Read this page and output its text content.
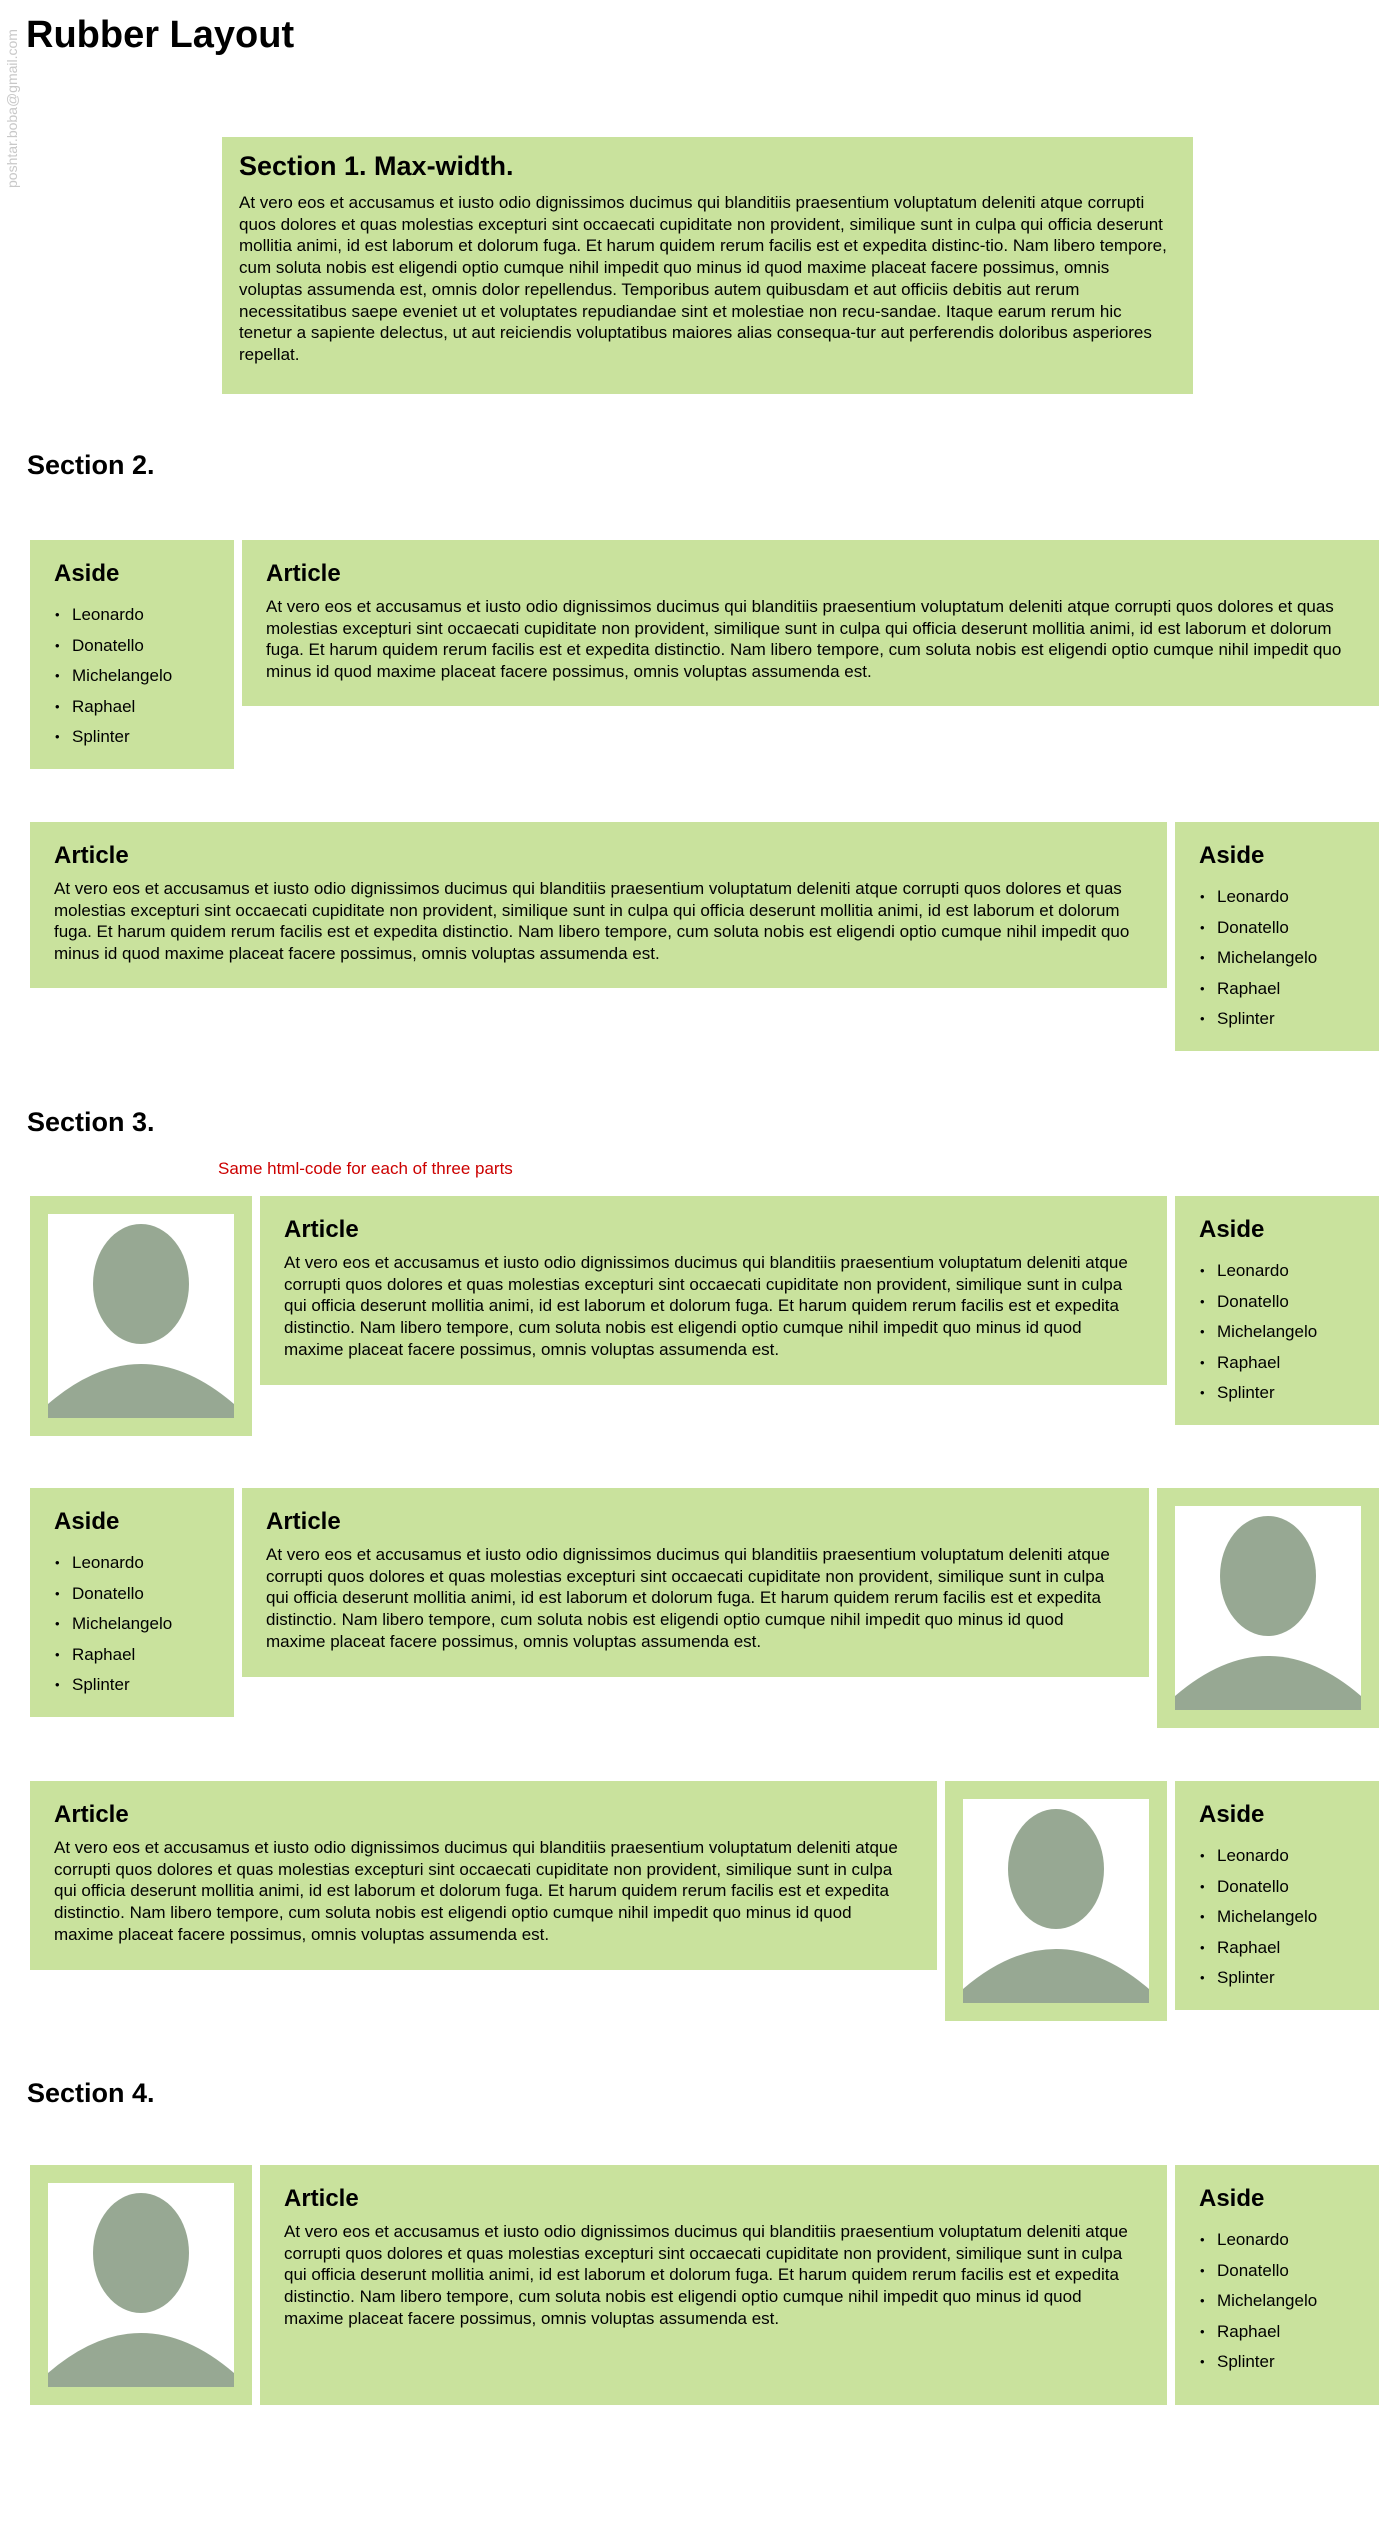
poshtar.boba@gmail.com Rubber Layout
Section 1. Max-width.

At vero eos et accusamus et iusto odio dignissimos ducimus qui blanditiis praesentium voluptatum deleniti atque corrupti quos dolores et quas molestias excepturi sint occaecati cupiditate non provident, similique sunt in culpa qui officia deserunt mollitia animi, id est laborum et dolorum fuga. Et harum quidem rerum facilis est et expedita distinc-tio. Nam libero tempore, cum soluta nobis est eligendi optio cumque nihil impedit quo minus id quod maxime placeat facere possimus, omnis voluptas assumenda est, omnis dolor repellendus. Temporibus autem quibusdam et aut officiis debitis aut rerum necessitatibus saepe eveniet ut et voluptates repudiandae sint et molestiae non recu-sandae. Itaque earum rerum hic tenetur a sapiente delectus, ut aut reiciendis voluptatibus maiores alias consequa-tur aut perferendis doloribus asperiores repellat.

Section 2.
Aside
• Leonardo
• Donatello
• Michelangelo
• Raphael
• Splinter
Article

At vero eos et accusamus et iusto odio dignissimos ducimus qui blanditiis praesentium voluptatum deleniti atque corrupti quos dolores et quas molestias excepturi sint occaecati cupiditate non provident, similique sunt in culpa qui officia deserunt mollitia animi, id est laborum et dolorum fuga. Et harum quidem rerum facilis est et expedita distinctio. Nam libero tempore, cum soluta nobis est eligendi optio cumque nihil impedit quo minus id quod maxime placeat facere possimus, omnis voluptas assumenda est.

Article

At vero eos et accusamus et iusto odio dignissimos ducimus qui blanditiis praesentium voluptatum deleniti atque corrupti quos dolores et quas molestias excepturi sint occaecati cupiditate non provident, similique sunt in culpa qui officia deserunt mollitia animi, id est laborum et dolorum fuga. Et harum quidem rerum facilis est et expedita distinctio. Nam libero tempore, cum soluta nobis est eligendi optio cumque nihil impedit quo minus id quod maxime placeat facere possimus, omnis voluptas assumenda est.

Aside
• Leonardo
• Donatello
• Michelangelo
• Raphael
• Splinter
Section 3.
Same html-code for each of three parts
Article

At vero eos et accusamus et iusto odio dignissimos ducimus qui blanditiis praesentium voluptatum deleniti atque corrupti quos dolores et quas molestias excepturi sint occaecati cupiditate non provident, similique sunt in culpa qui officia deserunt mollitia animi, id est laborum et dolorum fuga. Et harum quidem rerum facilis est et expedita distinctio. Nam libero tempore, cum soluta nobis est eligendi optio cumque nihil impedit quo minus id quod maxime placeat facere possimus, omnis voluptas assumenda est.

Aside
• Leonardo
• Donatello
• Michelangelo
• Raphael
• Splinter
Aside
• Leonardo
• Donatello
• Michelangelo
• Raphael
• Splinter
Article

At vero eos et accusamus et iusto odio dignissimos ducimus qui blanditiis praesentium voluptatum deleniti atque corrupti quos dolores et quas molestias excepturi sint occaecati cupiditate non provident, similique sunt in culpa qui officia deserunt mollitia animi, id est laborum et dolorum fuga. Et harum quidem rerum facilis est et expedita distinctio. Nam libero tempore, cum soluta nobis est eligendi optio cumque nihil impedit quo minus id quod maxime placeat facere possimus, omnis voluptas assumenda est.

Article

At vero eos et accusamus et iusto odio dignissimos ducimus qui blanditiis praesentium voluptatum deleniti atque corrupti quos dolores et quas molestias excepturi sint occaecati cupiditate non provident, similique sunt in culpa qui officia deserunt mollitia animi, id est laborum et dolorum fuga. Et harum quidem rerum facilis est et expedita distinctio. Nam libero tempore, cum soluta nobis est eligendi optio cumque nihil impedit quo minus id quod maxime placeat facere possimus, omnis voluptas assumenda est.

Aside
• Leonardo
• Donatello
• Michelangelo
• Raphael
• Splinter
Section 4.
Article

At vero eos et accusamus et iusto odio dignissimos ducimus qui blanditiis praesentium voluptatum deleniti atque corrupti quos dolores et quas molestias excepturi sint occaecati cupiditate non provident, similique sunt in culpa qui officia deserunt mollitia animi, id est laborum et dolorum fuga. Et harum quidem rerum facilis est et expedita distinctio. Nam libero tempore, cum soluta nobis est eligendi optio cumque nihil impedit quo minus id quod maxime placeat facere possimus, omnis voluptas assumenda est.

Aside
• Leonardo
• Donatello
• Michelangelo
• Raphael
• Splinter
